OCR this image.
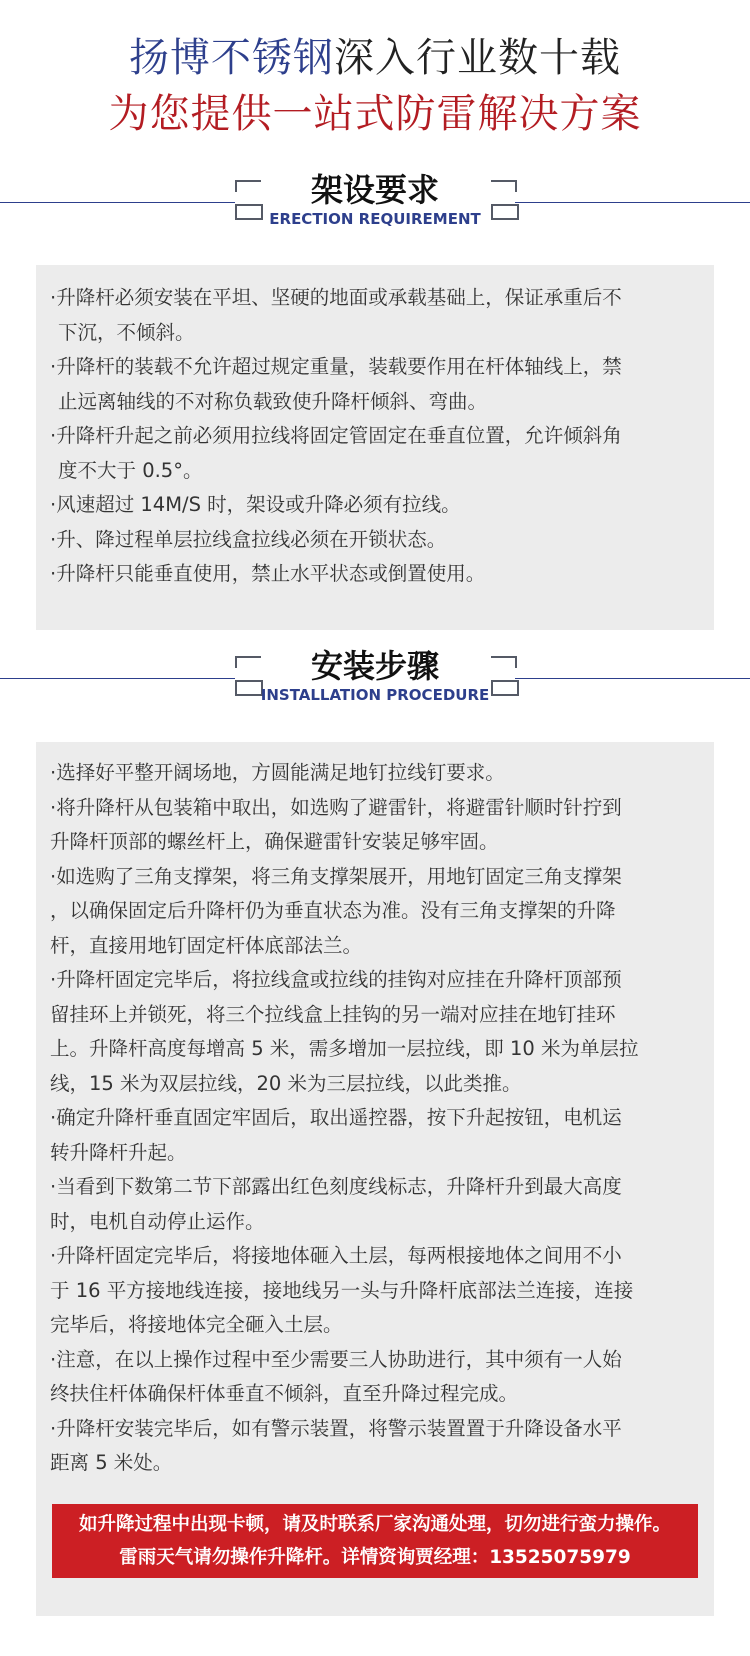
扬博不锈钢深入行业数十载
为您提供一站式防雷解决方案
架设要求
ERECTION REQUIREMENT
·升降杆必须安装在平坦、坚硬的地面或承载基础上，保证承重后不
下沉，不倾斜。
·升降杆的装载不允许超过规定重量，装载要作用在杆体轴线上，禁
止远离轴线的不对称负载致使升降杆倾斜、弯曲。
·升降杆升起之前必须用拉线将固定管固定在垂直位置，允许倾斜角
度不大于 0.5°。
·风速超过 14M/S 时，架设或升降必须有拉线。
·升、降过程单层拉线盒拉线必须在开锁状态。
·升降杆只能垂直使用，禁止水平状态或倒置使用。
安装步骤
INSTALLATION PROCEDURE
·选择好平整开阔场地，方圆能满足地钉拉线钉要求。
·将升降杆从包装箱中取出，如选购了避雷针，将避雷针顺时针拧到
升降杆顶部的螺丝杆上，确保避雷针安装足够牢固。
·如选购了三角支撑架，将三角支撑架展开，用地钉固定三角支撑架
，以确保固定后升降杆仍为垂直状态为准。没有三角支撑架的升降
杆，直接用地钉固定杆体底部法兰。
·升降杆固定完毕后，将拉线盒或拉线的挂钩对应挂在升降杆顶部预
留挂环上并锁死，将三个拉线盒上挂钩的另一端对应挂在地钉挂环
上。升降杆高度每增高 5 米，需多增加一层拉线，即 10 米为单层拉
线，15 米为双层拉线，20 米为三层拉线，以此类推。
·确定升降杆垂直固定牢固后，取出遥控器，按下升起按钮，电机运
转升降杆升起。
·当看到下数第二节下部露出红色刻度线标志，升降杆升到最大高度
时，电机自动停止运作。
·升降杆固定完毕后，将接地体砸入土层，每两根接地体之间用不小
于 16 平方接地线连接，接地线另一头与升降杆底部法兰连接，连接
完毕后，将接地体完全砸入土层。
·注意，在以上操作过程中至少需要三人协助进行，其中须有一人始
终扶住杆体确保杆体垂直不倾斜，直至升降过程完成。
·升降杆安装完毕后，如有警示装置，将警示装置置于升降设备水平
距离 5 米处。
如升降过程中出现卡顿，请及时联系厂家沟通处理，切勿进行蛮力操作。
雷雨天气请勿操作升降杆。详情资询贾经理：13525075979
